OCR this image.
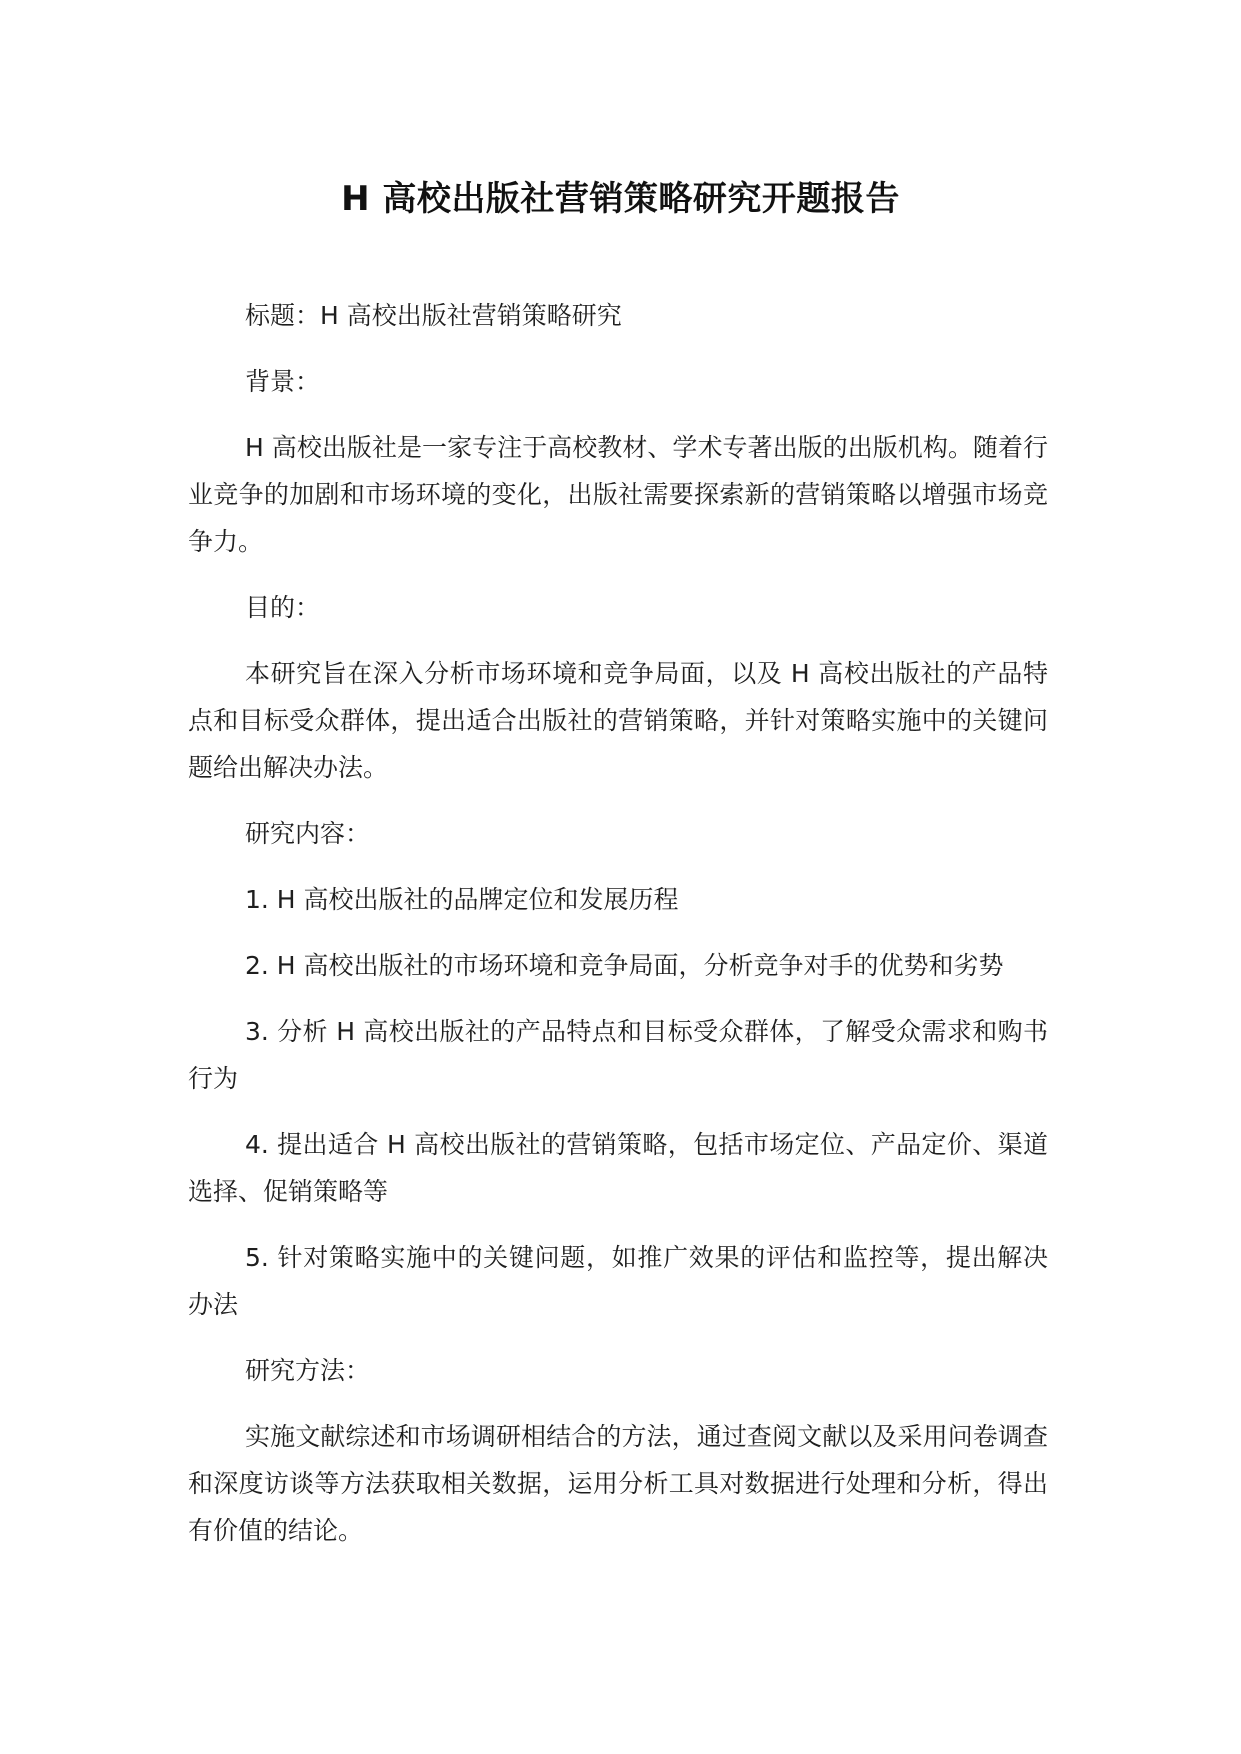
H 高校出版社营销策略研究开题报告

标题：H 高校出版社营销策略研究

背景：

H 高校出版社是一家专注于高校教材、学术专著出版的出版机构。随着行业竞争的加剧和市场环境的变化，出版社需要探索新的营销策略以增强市场竞争力。

目的：

本研究旨在深入分析市场环境和竞争局面，以及 H 高校出版社的产品特点和目标受众群体，提出适合出版社的营销策略，并针对策略实施中的关键问题给出解决办法。

研究内容：

1. H 高校出版社的品牌定位和发展历程

2. H 高校出版社的市场环境和竞争局面，分析竞争对手的优势和劣势

3. 分析 H 高校出版社的产品特点和目标受众群体，了解受众需求和购书行为

4. 提出适合 H 高校出版社的营销策略，包括市场定位、产品定价、渠道选择、促销策略等

5. 针对策略实施中的关键问题，如推广效果的评估和监控等，提出解决办法

研究方法：

实施文献综述和市场调研相结合的方法，通过查阅文献以及采用问卷调查和深度访谈等方法获取相关数据，运用分析工具对数据进行处理和分析，得出有价值的结论。
